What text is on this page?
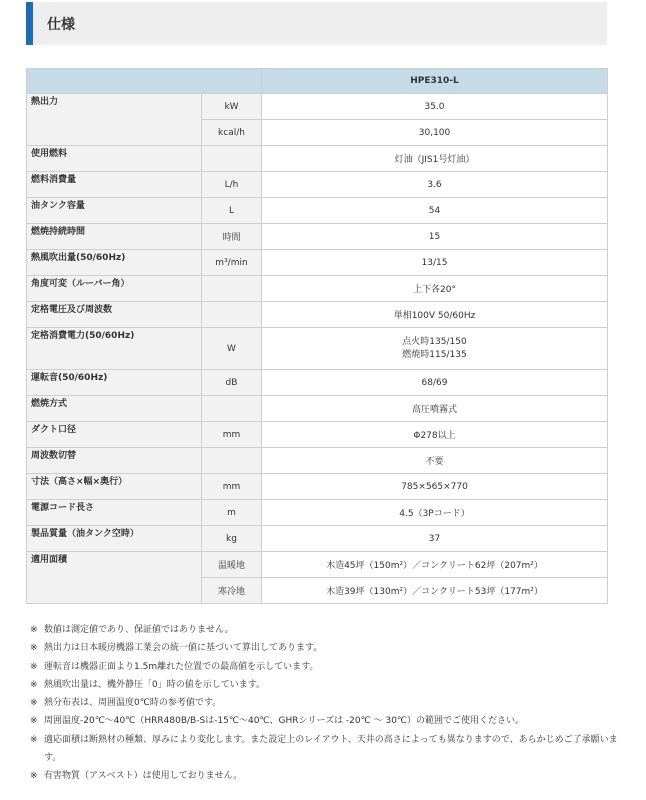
仕様
		HPE310-L
熱出力	kW	35.0
	kcal/h	30,100
使用燃料		灯油（JIS1号灯油）
燃料消費量	L/h	3.6
油タンク容量	L	54
燃焼持続時間	時間	15
熱風吹出量(50/60Hz)	m³/min	13/15
角度可変（ルーバー角）		上下各20°
定格電圧及び周波数		単相100V 50/60Hz
定格消費電力(50/60Hz)	W	点火時135/150
燃焼時115/135

運転音(50/60Hz)	dB	68/69
燃焼方式		高圧噴霧式
ダクト口径	mm	Φ278以上
周波数切替		不要
寸法（高さ×幅×奥行）	mm	785×565×770
電源コード長さ	m	4.5（3Pコード）
製品質量（油タンク空時）	kg	37
適用面積	温暖地	木造45坪（150m²）／コンクリート62坪（207m²）
	寒冷地	木造39坪（130m²）／コンクリート53坪（177m²）
※ 数値は測定値であり、保証値ではありません。
※ 熱出力は日本暖房機器工業会の統一値に基づいて算出してあります。
※ 運転音は機器正面より1.5m離れた位置での最高値を示しています。
※ 熱風吹出量は、機外静圧「0」時の値を示しています。
※ 熱分布表は、周囲温度0℃時の参考値です。
※ 周囲温度-20℃〜40℃（HRR480B/B-Sは-15℃〜40℃、GHRシリーズは -20℃ 〜 30℃）の範囲でご使用ください。
※ 適応面積は断熱材の種類、厚みにより変化します。また設定上のレイアウト、天井の高さによっても異なりますので、あらかじめご了承願います。
※ 有害物質（アスベスト）は使用しておりません。
